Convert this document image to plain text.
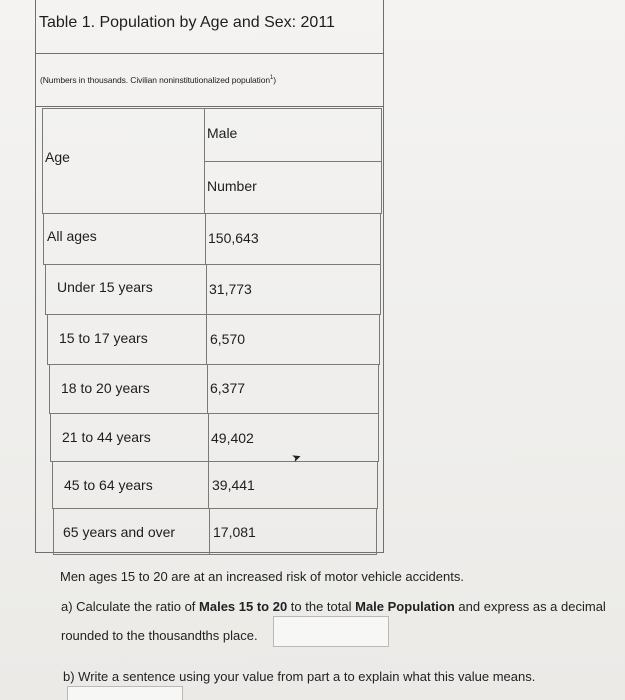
Table 1. Population by Age and Sex: 2011
(Numbers in thousands. Civilian noninstitutionalized population$^1$)
Age
Male
Number
All ages	150,643
Under 15 years	31,773
15 to 17 years	6,570
18 to 20 years	6,377
21 to 44 years	49,402
45 to 64 years	39,441
65 years and over	17,081
➤
Men ages 15 to 20 are at an increased risk of motor vehicle accidents.
a) Calculate the ratio of Males 15 to 20 to the total Male Population and express as a decimal
rounded to the thousandths place.
b) Write a sentence using your value from part a to explain what this value means.
